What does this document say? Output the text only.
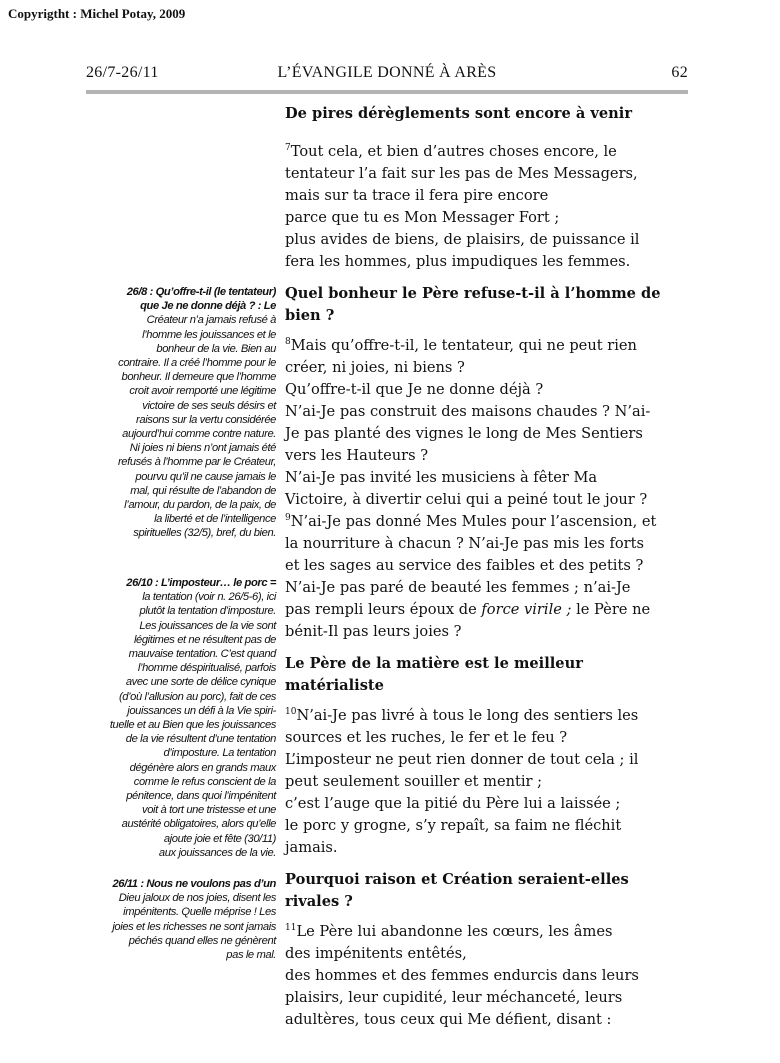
Copyrigtht : Michel Potay, 2009
26/7-26/11	L’ÉVANGILE DONNÉ À ARÈS	62

De pires dérèglements sont encore à venir

$^7$Tout cela, et bien d’autres choses encore, le
tentateur l’a fait sur les pas de Mes Messagers,
mais sur ta trace il fera pire encore
parce que tu es Mon Messager Fort ;
plus avides de biens, de plaisirs, de puissance il
fera les hommes, plus impudiques les femmes.

Quel bonheur le Père refuse-t-il à l’homme de bien ?

$^8$Mais qu’offre-t-il, le tentateur, qui ne peut rien
créer, ni joies, ni biens ?
Qu’offre-t-il que Je ne donne déjà ?
N’ai-Je pas construit des maisons chaudes ? N’ai-
Je pas planté des vignes le long de Mes Sentiers
vers les Hauteurs ?
N’ai-Je pas invité les musiciens à fêter Ma
Victoire, à divertir celui qui a peiné tout le jour ?

$^9$N’ai-Je pas donné Mes Mules pour l’ascension, et
la nourriture à chacun ? N’ai-Je pas mis les forts
et les sages au service des faibles et des petits ?
N’ai-Je pas paré de beauté les femmes ; n’ai-Je
pas rempli leurs époux de force virile ; le Père ne
bénit-Il pas leurs joies ?

Le Père de la matière est le meilleur matérialiste

$^{10}$N’ai-Je pas livré à tous le long des sentiers les
sources et les ruches, le fer et le feu ?
L’imposteur ne peut rien donner de tout cela ; il
peut seulement souiller et mentir ;
c’est l’auge que la pitié du Père lui a laissée ;
le porc y grogne, s’y repaît, sa faim ne fléchit
jamais.

Pourquoi raison et Création seraient-elles rivales ?

$^{11}$Le Père lui abandonne les cœurs, les âmes
des impénitents entêtés,
des hommes et des femmes endurcis dans leurs
plaisirs, leur cupidité, leur méchanceté, leurs
adultères, tous ceux qui Me défient, disant :

26/8 : Qu’offre-t-il (le tentateur)
que Je ne donne déjà ? : Le
Créateur n’a jamais refusé à
l’homme les jouissances et le
bonheur de la vie. Bien au
contraire. Il a créé l’homme pour le
bonheur. Il demeure que l’homme
croit avoir remporté une légitime
victoire de ses seuls désirs et
raisons sur la vertu considérée
aujourd’hui comme contre nature.
Ni joies ni biens n’ont jamais été
refusés à l’homme par le Créateur,
pourvu qu’il ne cause jamais le
mal, qui résulte de l’abandon de
l’amour, du pardon, de la paix, de
la liberté et de l’intelligence
spirituelles (32/5), bref, du bien.
26/10 : L’imposteur… le porc =
la tentation (voir n. 26/5-6), ici
plutôt la tentation d’imposture.
Les jouissances de la vie sont
légitimes et ne résultent pas de
mauvaise tentation. C’est quand
l’homme déspiritualisé, parfois
avec une sorte de délice cynique
(d’où l’allusion au porc), fait de ces
jouissances un défi à la Vie spiri-
tuelle et au Bien que les jouissances
de la vie résultent d’une tentation
d’imposture. La tentation
dégénère alors en grands maux
comme le refus conscient de la
pénitence, dans quoi l’impénitent
voit à tort une tristesse et une
austérité obligatoires, alors qu’elle
ajoute joie et fête (30/11)
aux jouissances de la vie.
26/11 : Nous ne voulons pas d’un
Dieu jaloux de nos joies, disent les
impénitents. Quelle méprise ! Les
joies et les richesses ne sont jamais
péchés quand elles ne génèrent
pas le mal.
